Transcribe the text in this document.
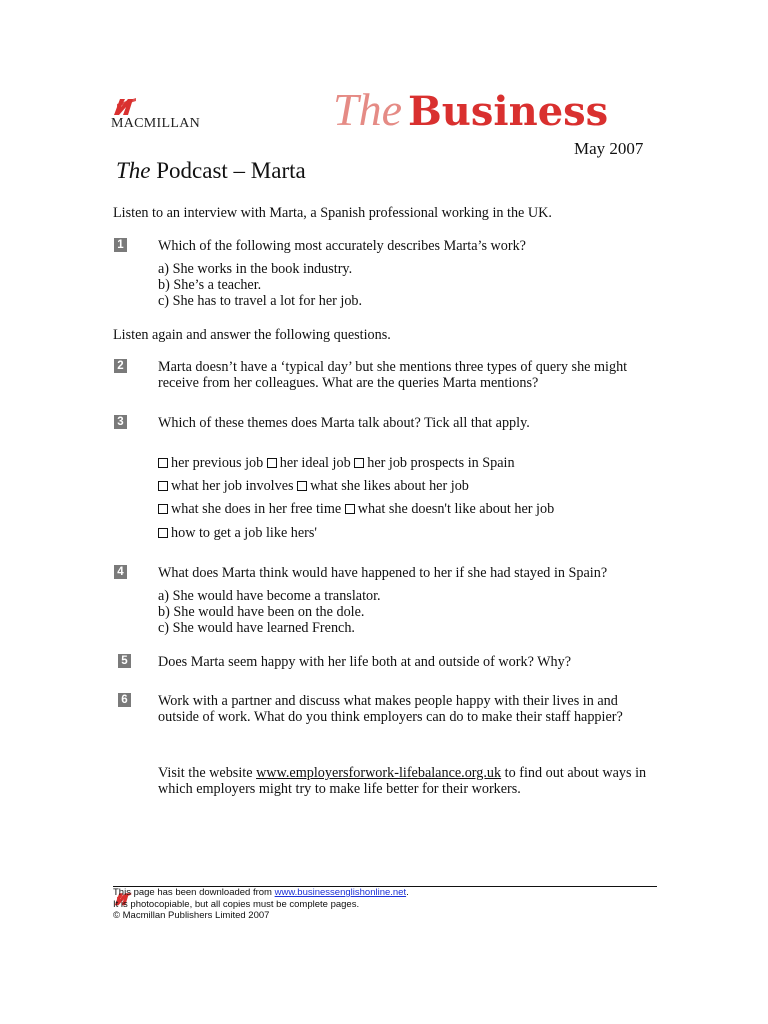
MACMILLAN	The Business
May 2007
The Podcast – Marta
Listen to an interview with Marta, a Spanish professional working in the UK.
1 Which of the following most accurately describes Marta’s work?
a) She works in the book industry.
b) She’s a teacher.
c) She has to travel a lot for her job.
Listen again and answer the following questions.
2 Marta doesn’t have a ‘typical day’ but she mentions three types of query she might receive from her colleagues. What are the queries Marta mentions?
3 Which of these themes does Marta talk about? Tick all that apply.
her previous job her ideal job her job prospects in Spain
what her job involves what she likes about her job
what she does in her free time what she doesn't like about her job
how to get a job like hers'
4 What does Marta think would have happened to her if she had stayed in Spain?
a) She would have become a translator.
b) She would have been on the dole.
c) She would have learned French.
5 Does Marta seem happy with her life both at and outside of work? Why?
6 Work with a partner and discuss what makes people happy with their lives in and outside of work. What do you think employers can do to make their staff happier?
Visit the website www.employersforwork-lifebalance.org.uk to find out about ways in which employers might try to make life better for their workers.
This page has been downloaded from www.businessenglishonline.net.
It is photocopiable, but all copies must be complete pages.
© Macmillan Publishers Limited 2007
